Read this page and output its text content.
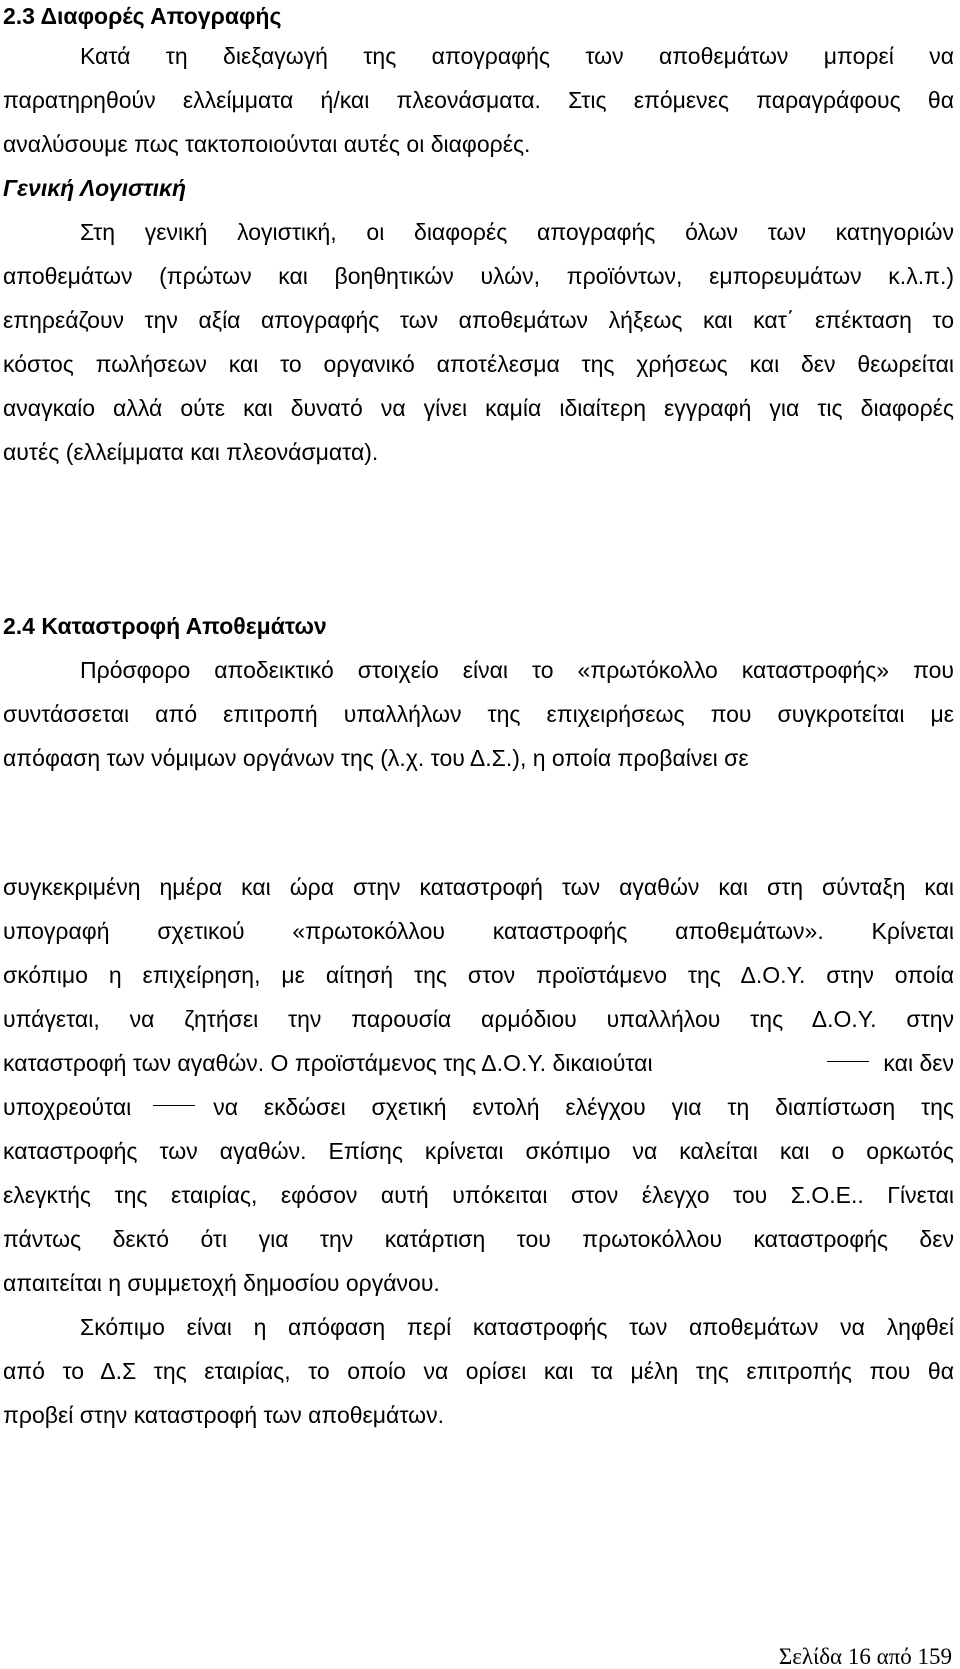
2.3 Διαφορές Απογραφής
Κατά τη διεξαγωγή της απογραφής των αποθεμάτων μπορεί να
παρατηρηθούν ελλείμματα ή/και πλεονάσματα. Στις επόμενες παραγράφους θα
αναλύσουμε πως τακτοποιούνται αυτές οι διαφορές.
Γενική Λογιστική
Στη γενική λογιστική, οι διαφορές απογραφής όλων των κατηγοριών
αποθεμάτων (πρώτων και βοηθητικών υλών, προϊόντων, εμπορευμάτων κ.λ.π.)
επηρεάζουν την αξία απογραφής των αποθεμάτων λήξεως και κατ΄ επέκταση το
κόστος πωλήσεων και το οργανικό αποτέλεσμα της χρήσεως και δεν θεωρείται
αναγκαίο αλλά ούτε και δυνατό να γίνει καμία ιδιαίτερη εγγραφή για τις διαφορές
αυτές (ελλείμματα και πλεονάσματα).
2.4 Καταστροφή Αποθεμάτων
Πρόσφορο αποδεικτικό στοιχείο είναι το «πρωτόκολλο καταστροφής» που
συντάσσεται από επιτροπή υπαλλήλων της επιχειρήσεως που συγκροτείται με
απόφαση των νόμιμων οργάνων της (λ.χ. του Δ.Σ.), η οποία προβαίνει σε
συγκεκριμένη ημέρα και ώρα στην καταστροφή των αγαθών και στη σύνταξη και
υπογραφή σχετικού «πρωτοκόλλου καταστροφής αποθεμάτων». Κρίνεται
σκόπιμο η επιχείρηση, με αίτησή της στον προϊστάμενο της Δ.Ο.Υ. στην οποία
υπάγεται, να ζητήσει την παρουσία αρμόδιου υπαλλήλου της Δ.Ο.Υ. στην
καταστροφή των αγαθών. Ο προϊστάμενος της Δ.Ο.Υ. δικαιούται	και δεν
υποχρεούται	να εκδώσει σχετική εντολή ελέγχου για τη διαπίστωση της
καταστροφής των αγαθών. Επίσης κρίνεται σκόπιμο να καλείται και ο ορκωτός
ελεγκτής της εταιρίας, εφόσον αυτή υπόκειται στον έλεγχο του Σ.Ο.Ε.. Γίνεται
πάντως δεκτό ότι για την κατάρτιση του πρωτοκόλλου καταστροφής δεν
απαιτείται η συμμετοχή δημοσίου οργάνου.
Σκόπιμο είναι η απόφαση περί καταστροφής των αποθεμάτων να ληφθεί
από το Δ.Σ της εταιρίας, το οποίο να ορίσει και τα μέλη της επιτροπής που θα
προβεί στην καταστροφή των αποθεμάτων.
Σελίδα 16 από 159
